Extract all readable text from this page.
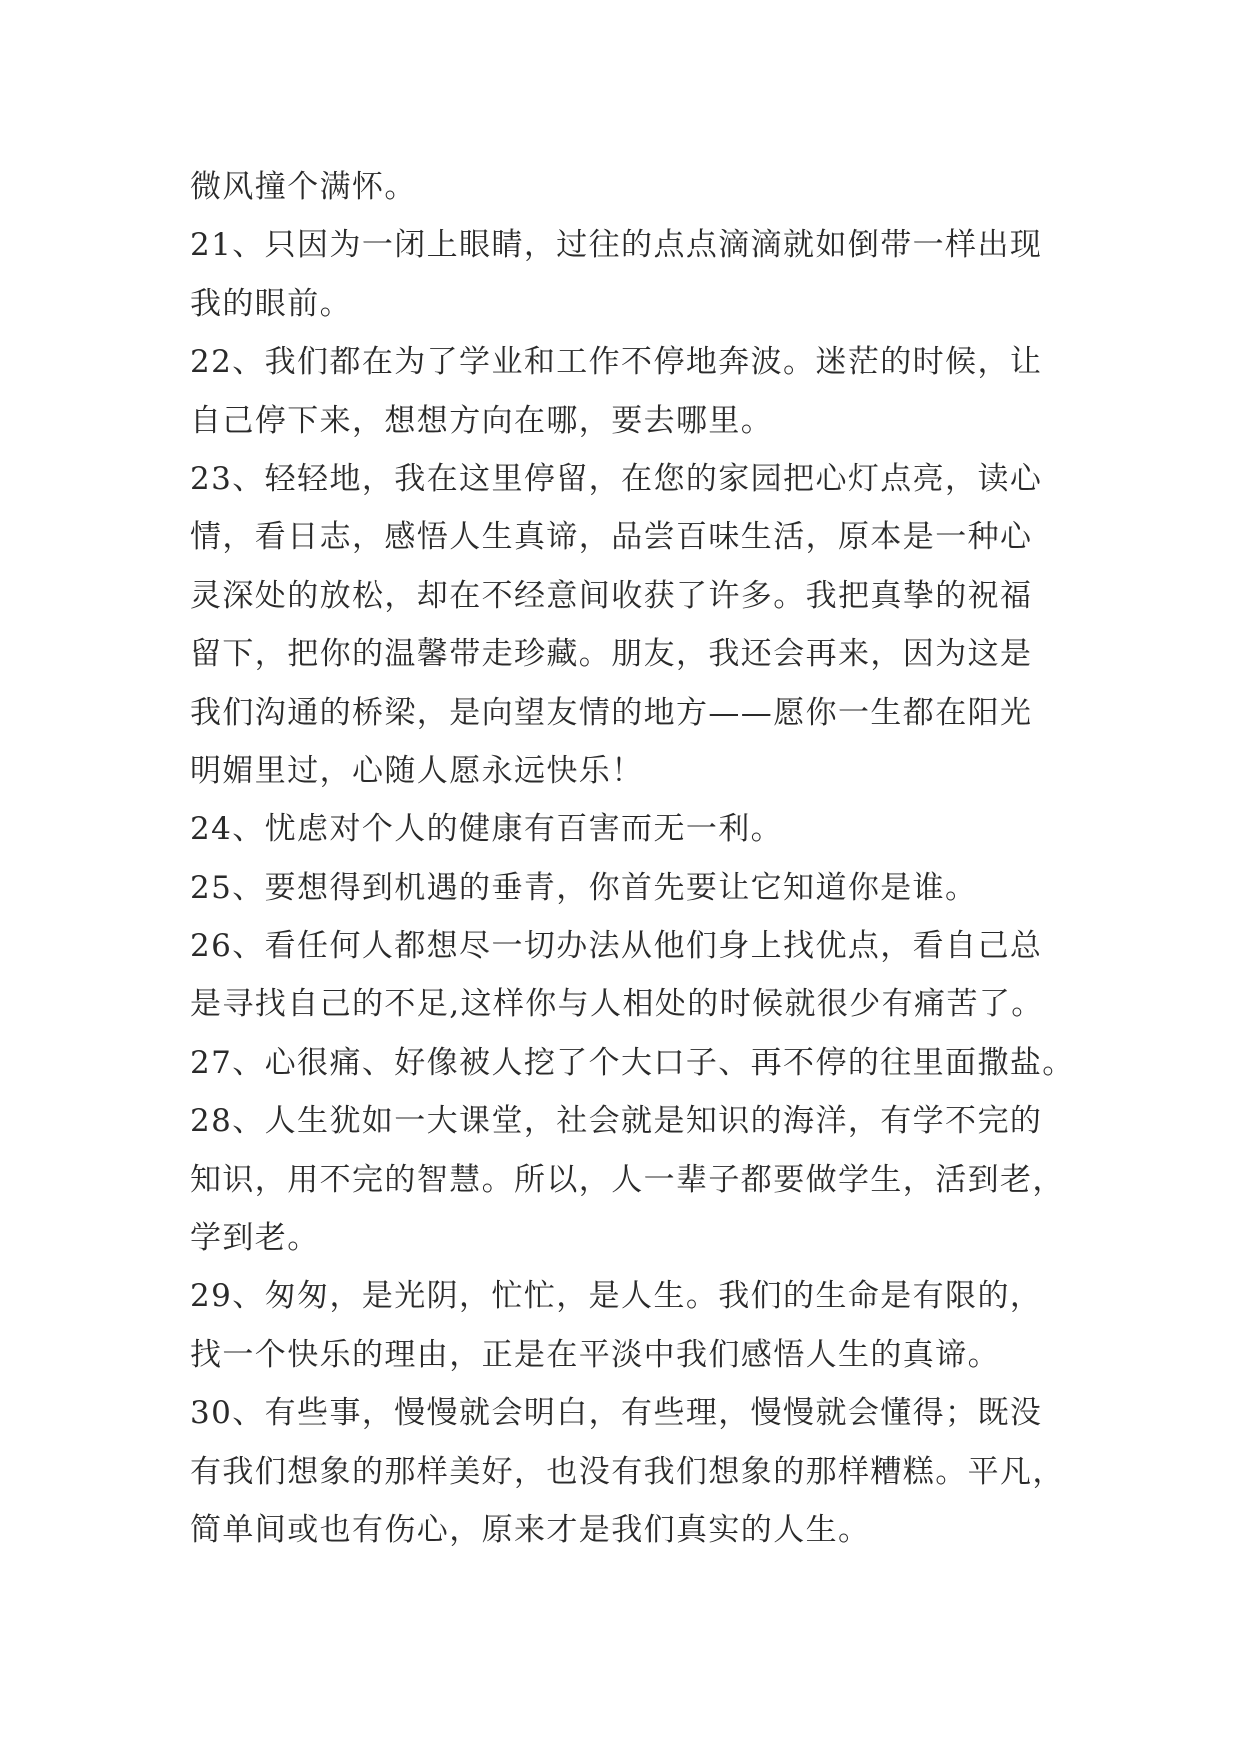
微风撞个满怀。
21、只因为一闭上眼睛，过往的点点滴滴就如倒带一样出现
我的眼前。
22、我们都在为了学业和工作不停地奔波。迷茫的时候，让
自己停下来，想想方向在哪，要去哪里。
23、轻轻地，我在这里停留，在您的家园把心灯点亮，读心
情，看日志，感悟人生真谛，品尝百味生活，原本是一种心
灵深处的放松，却在不经意间收获了许多。我把真挚的祝福
留下，把你的温馨带走珍藏。朋友，我还会再来，因为这是
我们沟通的桥梁，是向望友情的地方——愿你一生都在阳光
明媚里过，心随人愿永远快乐！
24、忧虑对个人的健康有百害而无一利。
25、要想得到机遇的垂青，你首先要让它知道你是谁。
26、看任何人都想尽一切办法从他们身上找优点，看自己总
是寻找自己的不足,这样你与人相处的时候就很少有痛苦了。
27、心很痛、好像被人挖了个大口子、再不停的往里面撒盐。
28、人生犹如一大课堂，社会就是知识的海洋，有学不完的
知识，用不完的智慧。所以，人一辈子都要做学生，活到老，
学到老。
29、匆匆，是光阴，忙忙，是人生。我们的生命是有限的，
找一个快乐的理由，正是在平淡中我们感悟人生的真谛。
30、有些事，慢慢就会明白，有些理，慢慢就会懂得；既没
有我们想象的那样美好，也没有我们想象的那样糟糕。平凡，
简单间或也有伤心，原来才是我们真实的人生。
